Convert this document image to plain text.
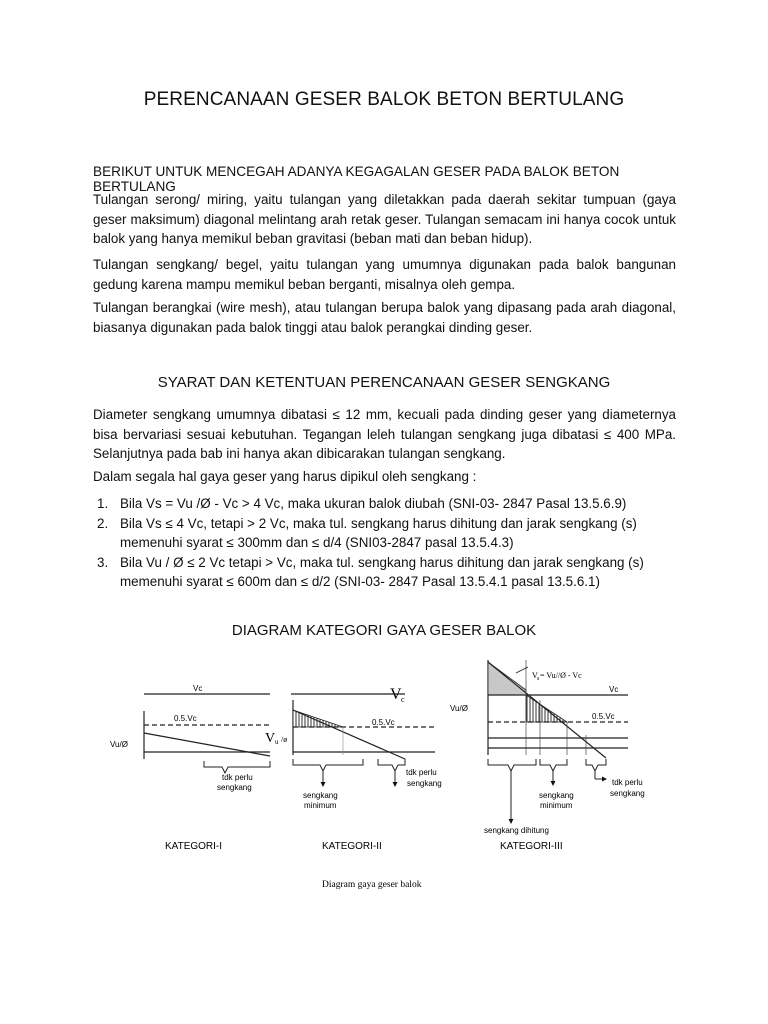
PERENCANAAN GESER BALOK BETON BERTULANG
BERIKUT UNTUK MENCEGAH ADANYA KEGAGALAN GESER PADA BALOK BETON BERTULANG
Tulangan serong/ miring, yaitu tulangan yang diletakkan pada daerah sekitar tumpuan (gaya geser maksimum) diagonal melintang arah retak geser. Tulangan semacam ini hanya cocok untuk balok yang hanya memikul beban gravitasi (beban mati dan beban hidup).
Tulangan sengkang/ begel, yaitu tulangan yang umumnya digunakan pada balok bangunan gedung karena mampu memikul beban berganti, misalnya oleh gempa.
Tulangan berangkai (wire mesh), atau tulangan berupa balok yang dipasang pada arah diagonal, biasanya digunakan pada balok tinggi atau balok perangkai dinding geser.
SYARAT DAN KETENTUAN PERENCANAAN GESER SENGKANG
Diameter sengkang umumnya dibatasi ≤ 12 mm, kecuali pada dinding geser yang diameternya bisa bervariasi sesuai kebutuhan. Tegangan leleh tulangan sengkang juga dibatasi ≤ 400 MPa. Selanjutnya pada bab ini hanya akan dibicarakan tulangan sengkang.
Dalam segala hal gaya geser yang harus dipikul oleh sengkang :
1. Bila Vs = Vu /Ø - Vc > 4 Vc, maka ukuran balok diubah (SNI-03- 2847 Pasal 13.5.6.9)
2. Bila Vs ≤ 4 Vc, tetapi > 2 Vc, maka tul. sengkang harus dihitung dan jarak sengkang (s) memenuhi syarat ≤ 300mm dan ≤ d/4 (SNI03-2847 pasal 13.5.4.3)
3. Bila Vu / Ø ≤ 2 Vc tetapi > Vc, maka tul. sengkang harus dihitung dan jarak sengkang (s) memenuhi syarat ≤ 600m dan ≤ d/2 (SNI-03- 2847 Pasal 13.5.4.1 pasal 13.5.6.1)
DIAGRAM KATEGORI GAYA GESER BALOK
Vc
0.5.Vc
Vu/Ø
tdk perlu
sengkang
KATEGORI-I
V c
0.5.Vc
V u /ø
sengkang
minimum
tdk perlu
sengkang
KATEGORI-II
V s = Vu//Ø - Vc
Vc
0.5.Vc
Vu/Ø
sengkang dihitung
sengkang
minimum
tdk perlu
sengkang
KATEGORI-III
Diagram gaya geser balok
